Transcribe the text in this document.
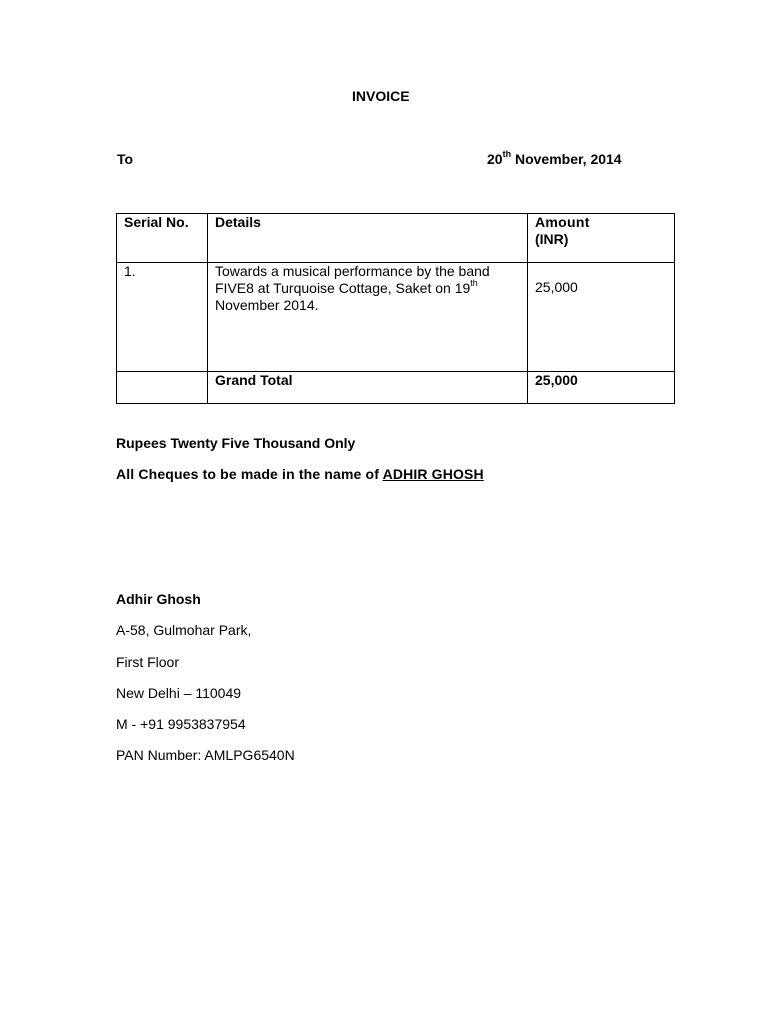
INVOICE
To	20th November, 2014
Serial No.	Details	Amount
(INR)
1.	Towards a musical performance by the band FIVE8 at Turquoise Cottage, Saket on 19th November 2014.	25,000

	Grand Total	25,000
Rupees Twenty Five Thousand Only
All Cheques to be made in the name of ADHIR GHOSH
Adhir Ghosh
A-58, Gulmohar Park,
First Floor
New Delhi – 110049
M - +91 9953837954
PAN Number: AMLPG6540N
